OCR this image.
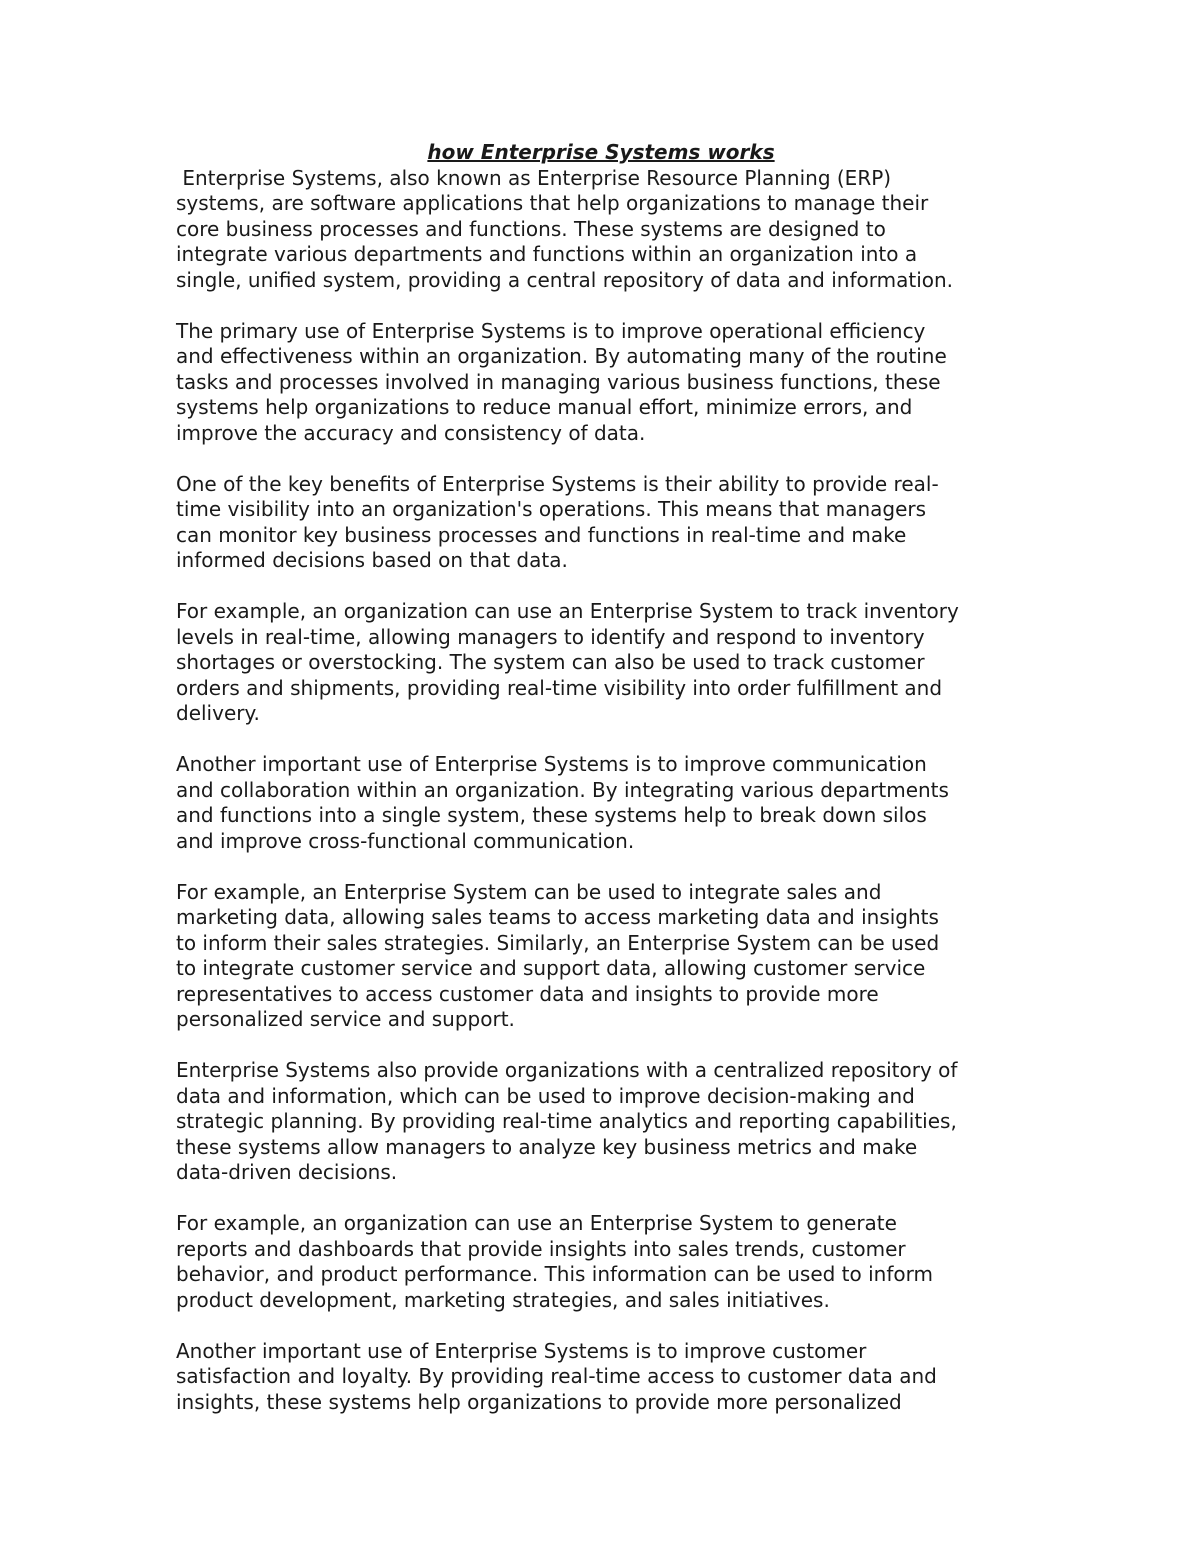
how Enterprise Systems works
Enterprise Systems, also known as Enterprise Resource Planning (ERP)
systems, are software applications that help organizations to manage their
core business processes and functions. These systems are designed to
integrate various departments and functions within an organization into a
single, unified system, providing a central repository of data and information.
The primary use of Enterprise Systems is to improve operational efficiency
and effectiveness within an organization. By automating many of the routine
tasks and processes involved in managing various business functions, these
systems help organizations to reduce manual effort, minimize errors, and
improve the accuracy and consistency of data.
One of the key benefits of Enterprise Systems is their ability to provide real-
time visibility into an organization's operations. This means that managers
can monitor key business processes and functions in real-time and make
informed decisions based on that data.
For example, an organization can use an Enterprise System to track inventory
levels in real-time, allowing managers to identify and respond to inventory
shortages or overstocking. The system can also be used to track customer
orders and shipments, providing real-time visibility into order fulfillment and
delivery.
Another important use of Enterprise Systems is to improve communication
and collaboration within an organization. By integrating various departments
and functions into a single system, these systems help to break down silos
and improve cross-functional communication.
For example, an Enterprise System can be used to integrate sales and
marketing data, allowing sales teams to access marketing data and insights
to inform their sales strategies. Similarly, an Enterprise System can be used
to integrate customer service and support data, allowing customer service
representatives to access customer data and insights to provide more
personalized service and support.
Enterprise Systems also provide organizations with a centralized repository of
data and information, which can be used to improve decision-making and
strategic planning. By providing real-time analytics and reporting capabilities,
these systems allow managers to analyze key business metrics and make
data-driven decisions.
For example, an organization can use an Enterprise System to generate
reports and dashboards that provide insights into sales trends, customer
behavior, and product performance. This information can be used to inform
product development, marketing strategies, and sales initiatives.
Another important use of Enterprise Systems is to improve customer
satisfaction and loyalty. By providing real-time access to customer data and
insights, these systems help organizations to provide more personalized
